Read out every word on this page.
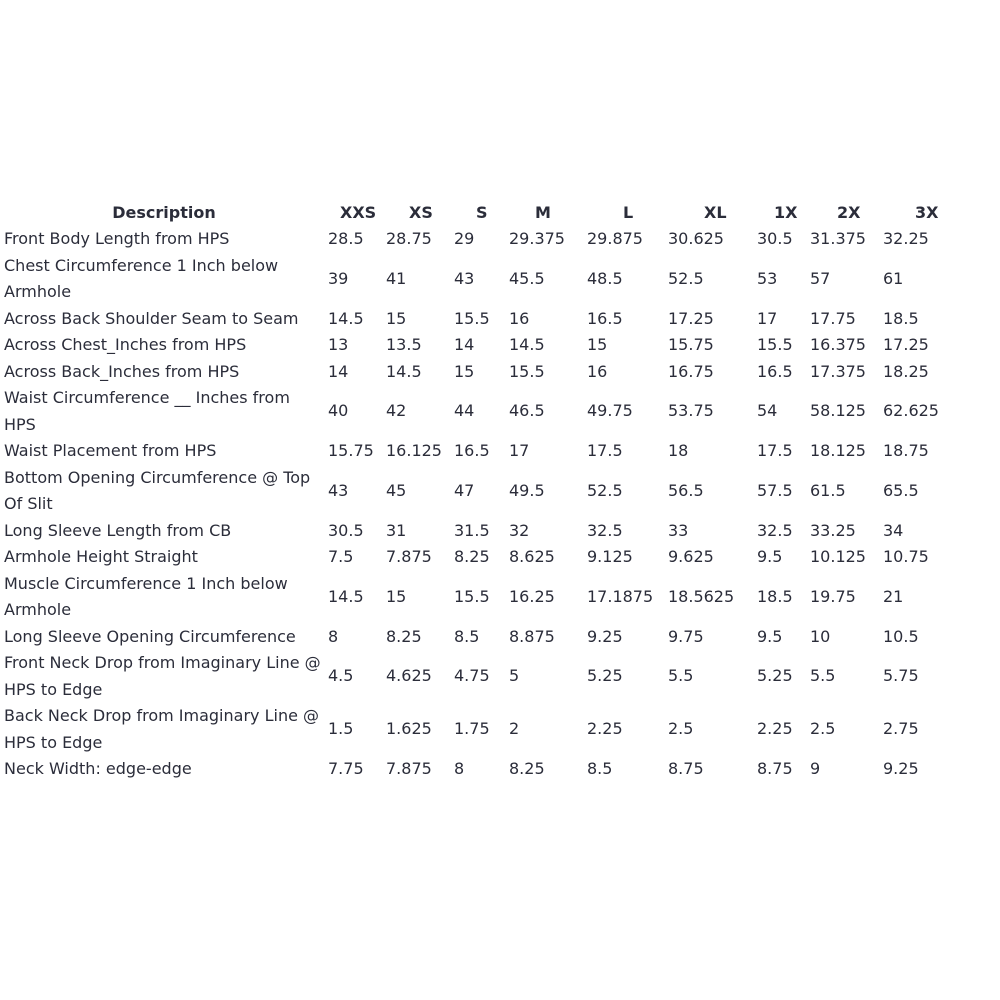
Description	XXS	XS	S	M	L	XL	1X	2X	3X
Front Body Length from HPS	28.5	28.75	29	29.375	29.875	30.625	30.5	31.375	32.25
Chest Circumference 1 Inch below Armhole	39	41	43	45.5	48.5	52.5	53	57	61
Across Back Shoulder Seam to Seam	14.5	15	15.5	16	16.5	17.25	17	17.75	18.5
Across Chest_Inches from HPS	13	13.5	14	14.5	15	15.75	15.5	16.375	17.25
Across Back_Inches from HPS	14	14.5	15	15.5	16	16.75	16.5	17.375	18.25
Waist Circumference __ Inches from HPS	40	42	44	46.5	49.75	53.75	54	58.125	62.625
Waist Placement from HPS	15.75	16.125	16.5	17	17.5	18	17.5	18.125	18.75
Bottom Opening Circumference @ Top Of Slit	43	45	47	49.5	52.5	56.5	57.5	61.5	65.5
Long Sleeve Length from CB	30.5	31	31.5	32	32.5	33	32.5	33.25	34
Armhole Height Straight	7.5	7.875	8.25	8.625	9.125	9.625	9.5	10.125	10.75
Muscle Circumference 1 Inch below Armhole	14.5	15	15.5	16.25	17.1875	18.5625	18.5	19.75	21
Long Sleeve Opening Circumference	8	8.25	8.5	8.875	9.25	9.75	9.5	10	10.5
Front Neck Drop from Imaginary Line @ HPS to Edge	4.5	4.625	4.75	5	5.25	5.5	5.25	5.5	5.75
Back Neck Drop from Imaginary Line @ HPS to Edge	1.5	1.625	1.75	2	2.25	2.5	2.25	2.5	2.75
Neck Width: edge-edge	7.75	7.875	8	8.25	8.5	8.75	8.75	9	9.25
